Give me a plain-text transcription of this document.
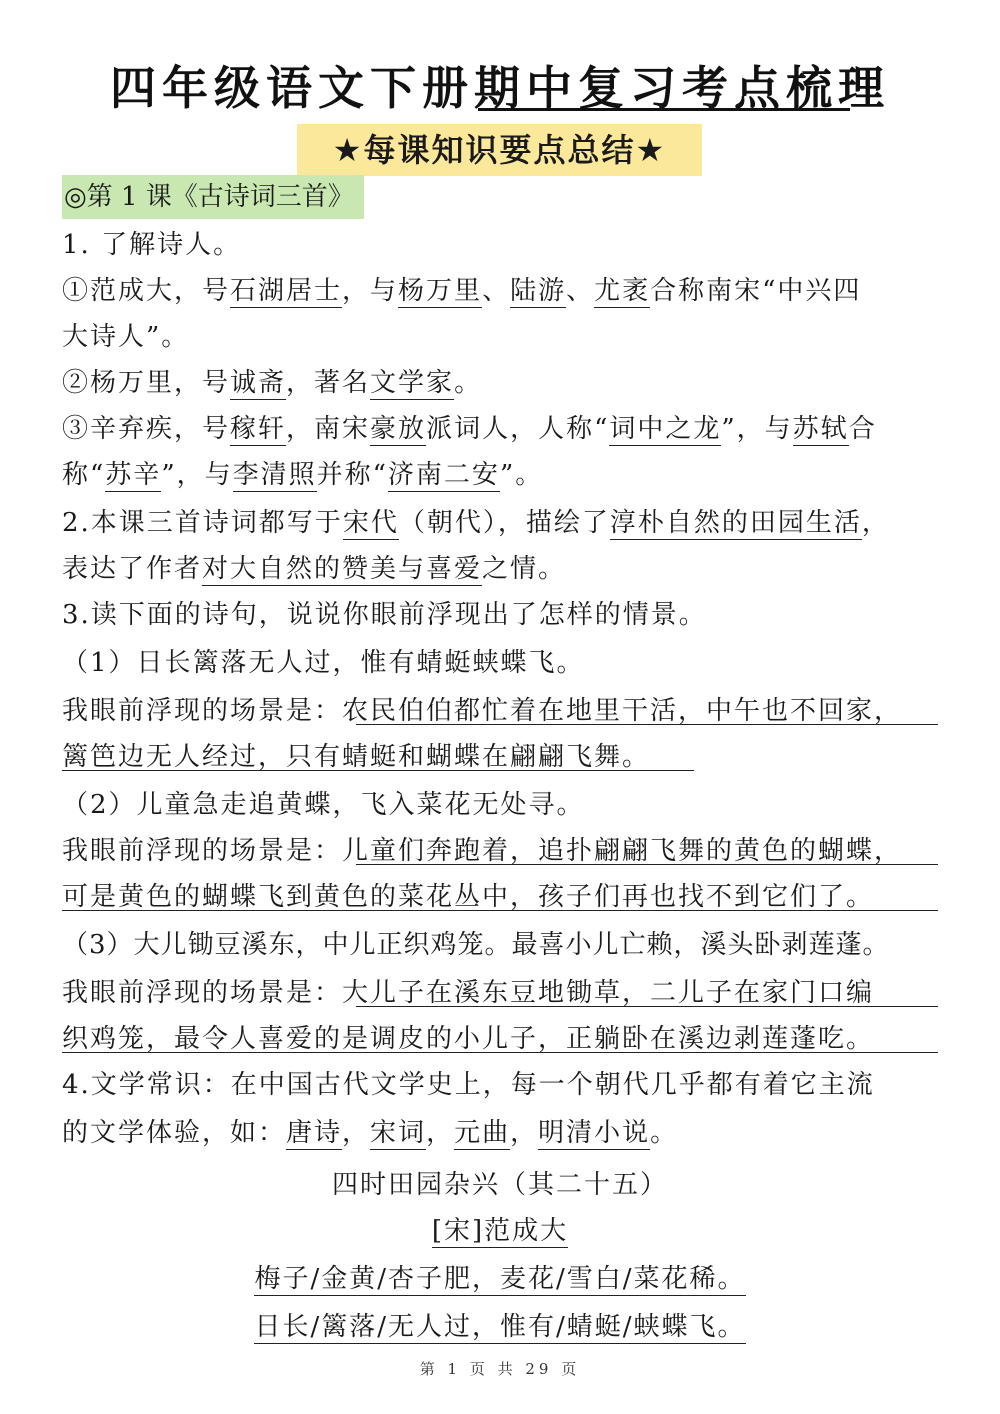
四年级语文下册期中复习考点梳理
★每课知识要点总结★
◎第 1 课《古诗词三首》
1. 了解诗人。
①范成大，号石湖居士，与杨万里、陆游、尤袤合称南宋“中兴四
大诗人”。
②杨万里，号诚斋，著名文学家。
③辛弃疾，号稼轩，南宋豪放派词人，人称“词中之龙”，与苏轼合
称“苏辛”，与李清照并称“济南二安”。
2.本课三首诗词都写于宋代（朝代），描绘了淳朴自然的田园生活，
表达了作者对大自然的赞美与喜爱之情。
3.读下面的诗句，说说你眼前浮现出了怎样的情景。
（1）日长篱落无人过，惟有蜻蜓蛱蝶飞。
我眼前浮现的场景是：农民伯伯都忙着在地里干活，中午也不回家，
篱笆边无人经过，只有蜻蜓和蝴蝶在翩翩飞舞。
（2）儿童急走追黄蝶，飞入菜花无处寻。
我眼前浮现的场景是：儿童们奔跑着，追扑翩翩飞舞的黄色的蝴蝶，
可是黄色的蝴蝶飞到黄色的菜花丛中，孩子们再也找不到它们了。
（3）大儿锄豆溪东，中儿正织鸡笼。最喜小儿亡赖，溪头卧剥莲蓬。
我眼前浮现的场景是：大儿子在溪东豆地锄草，二儿子在家门口编
织鸡笼，最令人喜爱的是调皮的小儿子，正躺卧在溪边剥莲蓬吃。
4.文学常识：在中国古代文学史上，每一个朝代几乎都有着它主流
的文学体验，如：唐诗，宋词，元曲，明清小说。
四时田园杂兴（其二十五）
[宋]范成大
梅子/金黄/杏子肥，麦花/雪白/菜花稀。
日长/篱落/无人过，惟有/蜻蜓/蛱蝶飞。
第 1 页 共 29 页
